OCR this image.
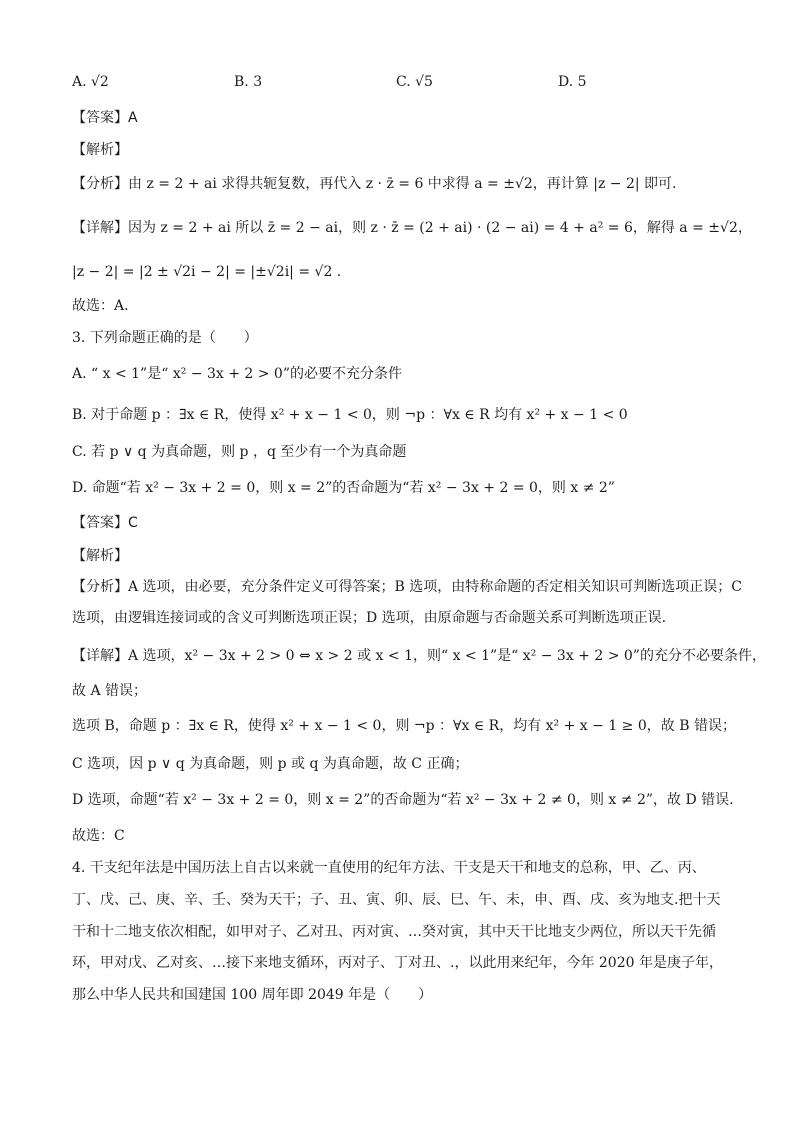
A. √2	B. 3	C. √5	D. 5
【答案】A
【解析】
【分析】由 z = 2 + ai 求得共轭复数，再代入 z · z̄ = 6 中求得 a = ±√2，再计算 |z − 2| 即可.
【详解】因为 z = 2 + ai 所以 z̄ = 2 − ai，则 z · z̄ = (2 + ai) · (2 − ai) = 4 + a² = 6，解得 a = ±√2，
|z − 2| = |2 ± √2i − 2| = |±√2i| = √2 .
故选：A.
3. 下列命题正确的是（　　）
A. “ x < 1”是“ x² − 3x + 2 > 0”的必要不充分条件
B. 对于命题 p ：∃x ∈ R，使得 x² + x − 1 < 0，则 ¬p ：∀x ∈ R 均有 x² + x − 1 < 0
C. 若 p ∨ q 为真命题，则 p ，q 至少有一个为真命题
D. 命题“若 x² − 3x + 2 = 0，则 x = 2”的否命题为“若 x² − 3x + 2 = 0，则 x ≠ 2”
【答案】C
【解析】
【分析】A 选项，由必要，充分条件定义可得答案；B 选项，由特称命题的否定相关知识可判断选项正误；C
选项，由逻辑连接词或的含义可判断选项正误；D 选项，由原命题与否命题关系可判断选项正误.
【详解】A 选项，x² − 3x + 2 > 0 ⇔ x > 2 或 x < 1，则“ x < 1”是“ x² − 3x + 2 > 0”的充分不必要条件，
故 A 错误；
选项 B，命题 p ：∃x ∈ R，使得 x² + x − 1 < 0，则 ¬p ：∀x ∈ R，均有 x² + x − 1 ≥ 0，故 B 错误；
C 选项，因 p ∨ q 为真命题，则 p 或 q 为真命题，故 C 正确；
D 选项，命题“若 x² − 3x + 2 = 0，则 x = 2”的否命题为“若 x² − 3x + 2 ≠ 0，则 x ≠ 2”，故 D 错误.
故选：C
4. 干支纪年法是中国历法上自古以来就一直使用的纪年方法、干支是天干和地支的总称，甲、乙、丙、
丁、戊、己、庚、辛、壬、癸为天干；子、丑、寅、卯、辰、巳、午、未，申、酉、戌、亥为地支.把十天
干和十二地支依次相配，如甲对子、乙对丑、丙对寅、…癸对寅，其中天干比地支少两位，所以天干先循
环，甲对戊、乙对亥、…接下来地支循环，丙对子、丁对丑、.，以此用来纪年，今年 2020 年是庚子年，
那么中华人民共和国建国 100 周年即 2049 年是（　　）
